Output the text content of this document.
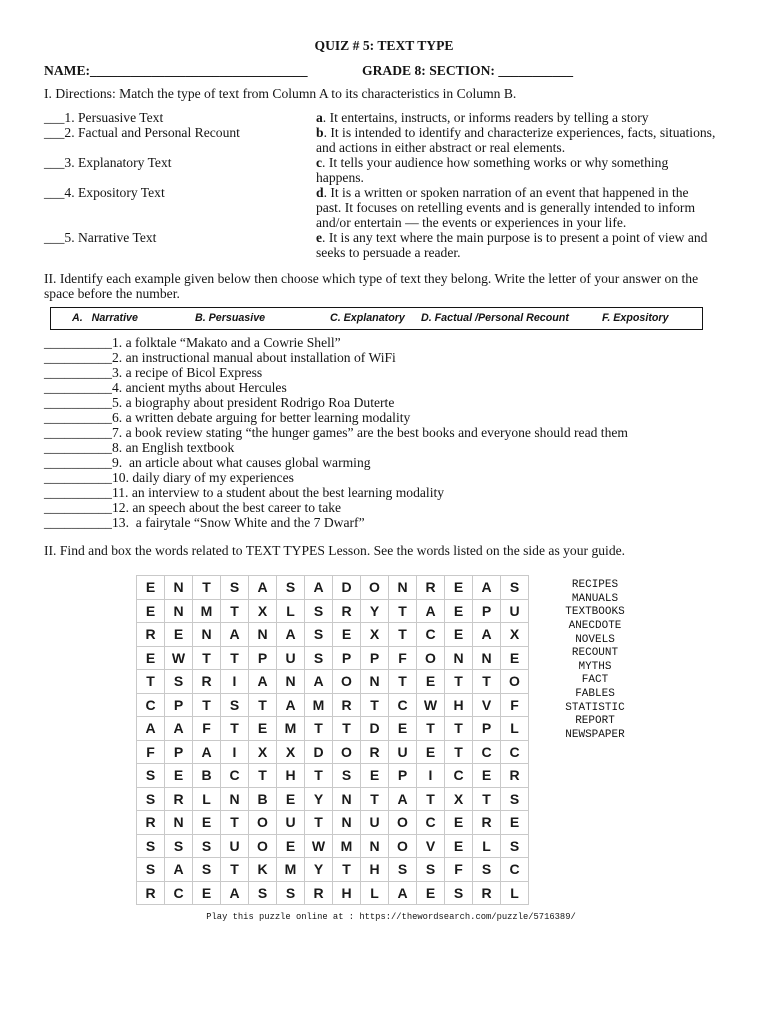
QUIZ # 5: TEXT TYPE
NAME:________________________________	GRADE 8: SECTION: ___________
I. Directions: Match the type of text from Column A to its characteristics in Column B.
___1. Persuasive Text	a. It entertains, instructs, or informs readers by telling a story
___2. Factual and Personal Recount	b. It is intended to identify and characterize experiences, facts, situations,
and actions in either abstract or real elements.
___3. Explanatory Text	c. It tells your audience how something works or why something
happens.
___4. Expository Text	d. It is a written or spoken narration of an event that happened in the
past. It focuses on retelling events and is generally intended to inform
and/or entertain — the events or experiences in your life.
___5. Narrative Text	e. It is any text where the main purpose is to present a point of view and
seeks to persuade a reader.
II. Identify each example given below then choose which type of text they belong. Write the letter of your answer on the
space before the number.
A.   Narrative	B. Persuasive	C. Explanatory D. Factual /Personal Recount	F. Expository
__________1. a folktale “Makato and a Cowrie Shell”
__________2. an instructional manual about installation of WiFi
__________3. a recipe of Bicol Express
__________4. ancient myths about Hercules
__________5. a biography about president Rodrigo Roa Duterte
__________6. a written debate arguing for better learning modality
__________7. a book review stating “the hunger games” are the best books and everyone should read them
__________8. an English textbook
__________9.  an article about what causes global warming
__________10. daily diary of my experiences
__________11. an interview to a student about the best learning modality
__________12. an speech about the best career to take
__________13.  a fairytale “Snow White and the 7 Dwarf”
II. Find and box the words related to TEXT TYPES Lesson. See the words listed on the side as your guide.
E	N	T	S	A	S	A	D	O	N	R	E	A	S
E	N	M	T	X	L	S	R	Y	T	A	E	P	U
R	E	N	A	N	A	S	E	X	T	C	E	A	X
E	W	T	T	P	U	S	P	P	F	O	N	N	E
T	S	R	I	A	N	A	O	N	T	E	T	T	O
C	P	T	S	T	A	M	R	T	C	W	H	V	F
A	A	F	T	E	M	T	T	D	E	T	T	P	L
F	P	A	I	X	X	D	O	R	U	E	T	C	C
S	E	B	C	T	H	T	S	E	P	I	C	E	R
S	R	L	N	B	E	Y	N	T	A	T	X	T	S
R	N	E	T	O	U	T	N	U	O	C	E	R	E
S	S	S	U	O	E	W	M	N	O	V	E	L	S
S	A	S	T	K	M	Y	T	H	S	S	F	S	C
R	C	E	A	S	S	R	H	L	A	E	S	R	L
RECIPES
MANUALS
TEXTBOOKS
ANECDOTE
NOVELS
RECOUNT
MYTHS
FACT
FABLES
STATISTIC
REPORT
NEWSPAPER
Play this puzzle online at : https://thewordsearch.com/puzzle/5716389/
